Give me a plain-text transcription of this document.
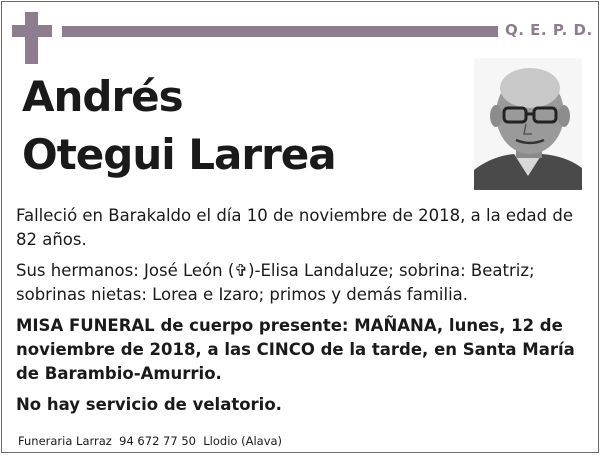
Q. E. P. D.
Andrés
Otegui Larrea

Falleció en Barakaldo el día 10 de noviembre de 2018, a la edad de 82 años.

Sus hermanos: José León (✞)-Elisa Landaluze; sobrina: Beatriz; sobrinas nietas: Lorea e Izaro; primos y demás familia.

MISA FUNERAL de cuerpo presente: MAÑANA, lunes, 12 de noviembre de 2018, a las CINCO de la tarde, en Santa María de Barambio-Amurrio.

No hay servicio de velatorio.

Funeraria Larraz  94 672 77 50  Llodio (Alava)
